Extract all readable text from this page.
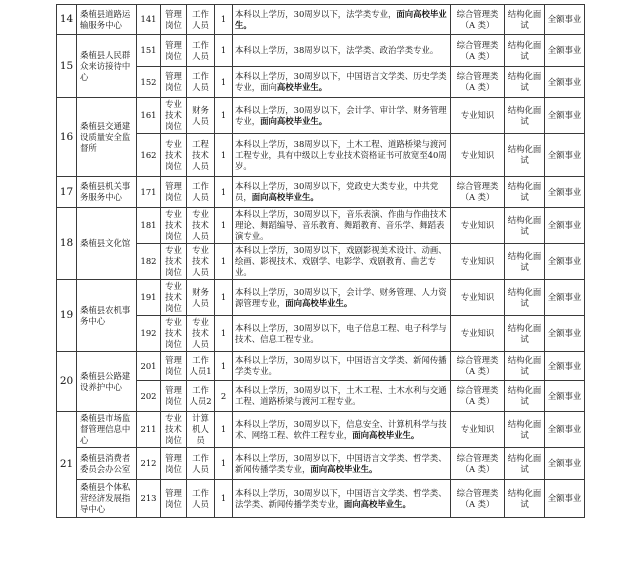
14	桑植县道路运输服务中心	141	管理岗位	工作人员	1	本科以上学历，30周岁以下，法学类专业，面向高校毕业生。	综合管理类（A 类）	结构化面试	全额事业
15	桑植县人民群众来访接待中心	151	管理岗位	工作人员	1	本科以上学历，38周岁以下，法学类、政治学类专业。	综合管理类（A 类）	结构化面试	全额事业
		152	管理岗位	工作人员	1	本科以上学历，30周岁以下，中国语言文学类、历史学类专业，面向高校毕业生。	综合管理类（A 类）	结构化面试	全额事业
16	桑植县交通建设质量安全监督所	161	专业技术岗位	财务人员	1	本科以上学历，30周岁以下，会计学、审计学、财务管理专业，面向高校毕业生。	专业知识	结构化面试	全额事业
		162	专业技术岗位	工程技术人员	1	本科以上学历，38周岁以下，土木工程、道路桥梁与渡河工程专业，具有中级以上专业技术资格证书可放宽至40周岁。	专业知识	结构化面试	全额事业
17	桑植县机关事务服务中心	171	管理岗位	工作人员	1	本科以上学历，30周岁以下，党政史大类专业，中共党员，面向高校毕业生。	综合管理类（A 类）	结构化面试	全额事业
18	桑植县文化馆	181	专业技术岗位	专业技术人员	1	本科以上学历，30周岁以下，音乐表演、作曲与作曲技术理论、舞蹈编导、音乐教育、舞蹈教育、音乐学、舞蹈表演专业。	专业知识	结构化面试	全额事业
		182	专业技术岗位	专业技术人员	1	本科以上学历，30周岁以下，戏剧影视美术设计、动画、绘画、影视技术、戏剧学、电影学、戏剧教育、曲艺专业。	专业知识	结构化面试	全额事业
19	桑植县农机事务中心	191	专业技术岗位	财务人员	1	本科以上学历，30周岁以下，会计学、财务管理、人力资源管理专业，面向高校毕业生。	专业知识	结构化面试	全额事业
		192	专业技术岗位	专业技术人员	1	本科以上学历，30周岁以下，电子信息工程、电子科学与技术、信息工程专业。	专业知识	结构化面试	全额事业
20	桑植县公路建设养护中心	201	管理岗位	工作人员1	1	本科以上学历，30周岁以下，中国语言文学类、新闻传播学类专业。	综合管理类（A 类）	结构化面试	全额事业
		202	管理岗位	工作人员2	2	本科以上学历，30周岁以下，土木工程、土木水利与交通工程、道路桥梁与渡河工程专业。	综合管理类（A 类）	结构化面试	全额事业
21	桑植县市场监督管理信息中心	211	专业技术岗位	计算机人员	1	本科以上学历，30周岁以下，信息安全、计算机科学与技术、网络工程、软件工程专业，面向高校毕业生。	专业知识	结构化面试	全额事业
	桑植县消费者委员会办公室	212	管理岗位	工作人员	1	本科以上学历，30周岁以下，中国语言文学类、哲学类、新闻传播学类专业，面向高校毕业生。	综合管理类（A 类）	结构化面试	全额事业
	桑植县个体私营经济发展指导中心	213	管理岗位	工作人员	1	本科以上学历，30周岁以下，中国语言文学类、哲学类、法学类、新闻传播学类专业，面向高校毕业生。	综合管理类（A 类）	结构化面试	全额事业
